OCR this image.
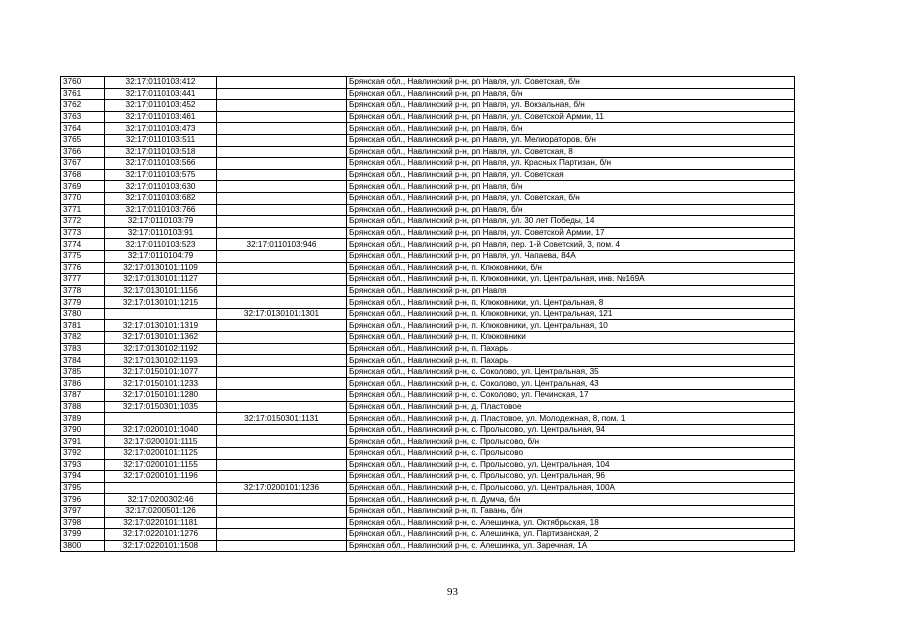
3760	32:17:0110103:412		Брянская обл., Навлинский р-н, рп Навля, ул. Советская, б/н
3761	32:17:0110103:441		Брянская обл., Навлинский р-н, рп Навля, б/н
3762	32:17:0110103:452		Брянская обл., Навлинский р-н, рп Навля, ул. Вокзальная, б/н
3763	32:17:0110103:461		Брянская обл., Навлинский р-н, рп Навля, ул. Советской Армии, 11
3764	32:17:0110103:473		Брянская обл., Навлинский р-н, рп Навля, б/н
3765	32:17:0110103:511		Брянская обл., Навлинский р-н, рп Навля, ул. Мелиораторов, б/н
3766	32:17:0110103:518		Брянская обл., Навлинский р-н, рп Навля, ул. Советская, 8
3767	32:17:0110103:566		Брянская обл., Навлинский р-н, рп Навля, ул. Красных Партизан, б/н
3768	32:17:0110103:575		Брянская обл., Навлинский р-н, рп Навля, ул. Советская
3769	32:17:0110103:630		Брянская обл., Навлинский р-н, рп Навля, б/н
3770	32:17:0110103:682		Брянская обл., Навлинский р-н, рп Навля, ул. Советская, б/н
3771	32:17:0110103:766		Брянская обл., Навлинский р-н, рп Навля, б/н
3772	32:17:0110103:79		Брянская обл., Навлинский р-н, рп Навля, ул. 30 лет Победы, 14
3773	32:17:0110103:91		Брянская обл., Навлинский р-н, рп Навля, ул. Советской Армии, 17
3774	32:17:0110103:523	32:17:0110103:946	Брянская обл., Навлинский р-н, рп Навля, пер. 1-й Советский, 3, пом. 4
3775	32:17:0110104:79		Брянская обл., Навлинский р-н, рп Навля, ул. Чапаева, 84А
3776	32:17:0130101:1109		Брянская обл., Навлинский р-н, п. Клюковники, б/н
3777	32:17:0130101:1127		Брянская обл., Навлинский р-н, п. Клюковники, ул. Центральная, инв. №169А
3778	32:17:0130101:1156		Брянская обл., Навлинский р-н, рп Навля
3779	32:17:0130101:1215		Брянская обл., Навлинский р-н, п. Клюковники, ул. Центральная, 8
3780		32:17:0130101:1301	Брянская обл., Навлинский р-н, п. Клюковники, ул. Центральная, 121
3781	32:17:0130101:1319		Брянская обл., Навлинский р-н, п. Клюковники, ул. Центральная, 10
3782	32:17:0130101:1362		Брянская обл., Навлинский р-н, п. Клюковники
3783	32:17:0130102:1192		Брянская обл., Навлинский р-н, п. Пахарь
3784	32:17:0130102:1193		Брянская обл., Навлинский р-н, п. Пахарь
3785	32:17:0150101:1077		Брянская обл., Навлинский р-н, с. Соколово, ул. Центральная, 35
3786	32:17:0150101:1233		Брянская обл., Навлинский р-н, с. Соколово, ул. Центральная, 43
3787	32:17:0150101:1280		Брянская обл., Навлинский р-н, с. Соколово, ул. Печинская, 17
3788	32:17:0150301:1035		Брянская обл., Навлинский р-н, д. Пластовое
3789		32:17:0150301:1131	Брянская обл., Навлинский р-н, д. Пластовое, ул. Молодежная, 8, пом. 1
3790	32:17:0200101:1040		Брянская обл., Навлинский р-н, с. Пролысово, ул. Центральная, 94
3791	32:17:0200101:1115		Брянская обл., Навлинский р-н, с. Пролысово, б/н
3792	32:17:0200101:1125		Брянская обл., Навлинский р-н, с. Пролысово
3793	32:17:0200101:1155		Брянская обл., Навлинский р-н, с. Пролысово, ул. Центральная, 104
3794	32:17:0200101:1196		Брянская обл., Навлинский р-н, с. Пролысово, ул. Центральная, 96
3795		32:17:0200101:1236	Брянская обл., Навлинский р-н, с. Пролысово, ул. Центральная, 100А
3796	32:17:0200302:46		Брянская обл., Навлинский р-н, п. Думча, б/н
3797	32:17:0200501:126		Брянская обл., Навлинский р-н, п. Гавань, б/н
3798	32:17:0220101:1181		Брянская обл., Навлинский р-н, с. Алешинка, ул. Октябрьская, 18
3799	32:17:0220101:1276		Брянская обл., Навлинский р-н, с. Алешинка, ул. Партизанская, 2
3800	32:17:0220101:1508		Брянская обл., Навлинский р-н, с. Алешинка, ул. Заречная, 1А
93
